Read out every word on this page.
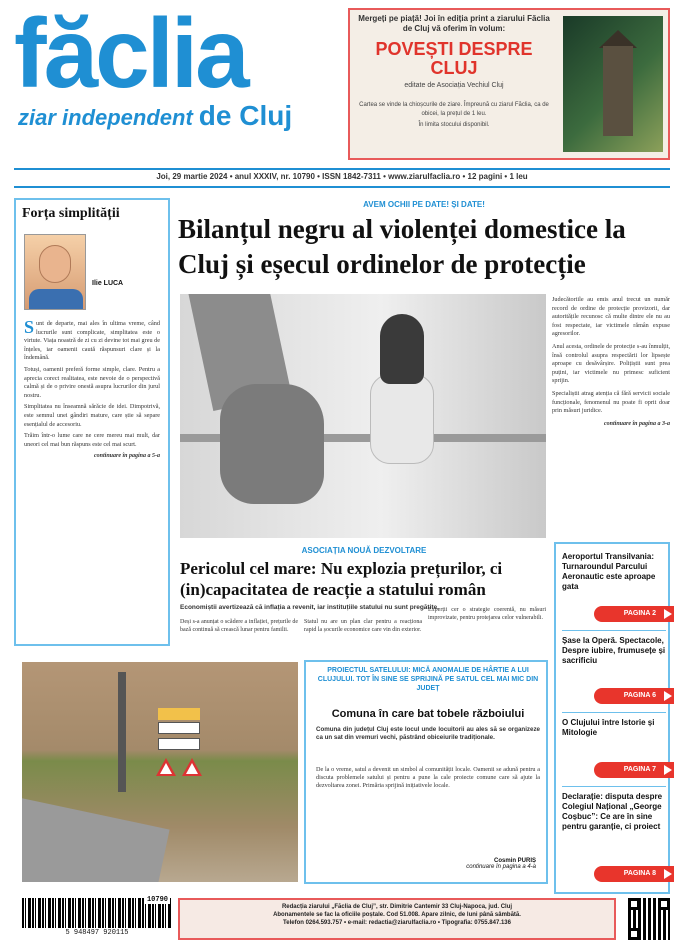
făclia
ziar independent de Cluj
Mergeți pe piață! Joi în ediția print a ziarului Făclia de Cluj vă oferim în volum:
POVEȘTI DESPRE CLUJ
editate de Asociația Vechiul Cluj
Cartea se vinde la chioșcurile de ziare. Împreună cu ziarul Făclia, ca de obicei, la prețul de 1 leu.
În limita stocului disponibil.
Joi, 29 martie 2024 • anul XXXIV, nr. 10790 • ISSN 1842-7311 • www.ziarulfaclia.ro • 12 pagini • 1 leu
Forța simplității
Ilie LUCA

Sunt de departe, mai ales în ultima vreme, când lucrurile sunt complicate, simplitatea este o virtute. Viața noastră de zi cu zi devine tot mai greu de înțeles, iar oamenii caută răspunsuri clare și la îndemână.

Totuși, oamenii preferă forme simple, clare. Pentru a aprecia corect realitatea, este nevoie de o perspectivă calmă și de o privire onestă asupra lucrurilor din jurul nostru.

Simplitatea nu înseamnă sărăcie de idei. Dimpotrivă, este semnul unei gândiri mature, care știe să separe esențialul de accesoriu.

Trăim într-o lume care ne cere mereu mai mult, dar uneori cel mai bun răspuns este cel mai scurt.

continuare în pagina a 5-a

AVEM OCHII PE DATE! ȘI DATE!
Bilanțul negru al violenței domestice la Cluj și eșecul ordinelor de protecție

Judecătoriile au emis anul trecut un număr record de ordine de protecție provizorii, dar autoritățile recunosc că multe dintre ele nu au fost respectate, iar victimele rămân expuse agresorilor.

Anul acesta, ordinele de protecție s-au înmulțit, însă controlul asupra respectării lor lipsește aproape cu desăvârșire. Polițiștii sunt prea puțini, iar victimele nu primesc suficient sprijin.

Specialiștii atrag atenția că fără servicii sociale funcționale, fenomenul nu poate fi oprit doar prin măsuri juridice.

continuare în pagina a 3-a

ASOCIAȚIA NOUĂ DEZVOLTARE
Pericolul cel mare: Nu explozia prețurilor, ci (in)capacitatea de reacție a statului român
Economiștii avertizează că inflația a revenit, iar instituțiile statului nu sunt pregătite.
Deși s-a anunțat o scădere a inflației, prețurile de bază continuă să crească lunar pentru familii.
Statul nu are un plan clar pentru a reacționa rapid la șocurile economice care vin din exterior.
Experții cer o strategie coerentă, nu măsuri improvizate, pentru protejarea celor vulnerabili.
Aeroportul Transilvania: Turnaroundul Parcului Aeronautic este aproape gata
PAGINA 2
Șase la Operă. Spectacole, Despre iubire, frumusețe și sacrificiu
PAGINA 6
O Clujului între Istorie și Mitologie
PAGINA 7
Declarație: disputa despre Colegiul Național „George Coșbuc”: Ce are în sine pentru garanție, ci proiect
PAGINA 8
PROIECTUL SATELULUI: MICĂ ANOMALIE DE HÂRTIE A LUI CLUJULUI. TOT ÎN SINE SE SPRIJINĂ PE SATUL CEL MAI MIC DIN JUDEȚ
Comuna în care bat tobele războiului
Comuna din județul Cluj este locul unde locuitorii au ales să se organizeze ca un sat din vremuri vechi, păstrând obiceiurile tradiționale.
De la o vreme, satul a devenit un simbol al comunității locale. Oamenii se adună pentru a discuta problemele satului și pentru a pune la cale proiecte comune care să ajute la dezvoltarea zonei. Primăria sprijină inițiativele locale.
Cosmin PURIȘ
continuare în pagina a 4-a
10790
5 948497 920115
Redacția ziarului „Făclia de Cluj”, str. Dimitrie Cantemir 33 Cluj-Napoca, jud. Cluj
Abonamentele se fac la oficiile poștale. Cod 51.008. Apare zilnic, de luni până sâmbătă.
Telefon 0264.593.757 • e-mail: redactia@ziarulfaclia.ro • Tipografia: 0755.847.136
